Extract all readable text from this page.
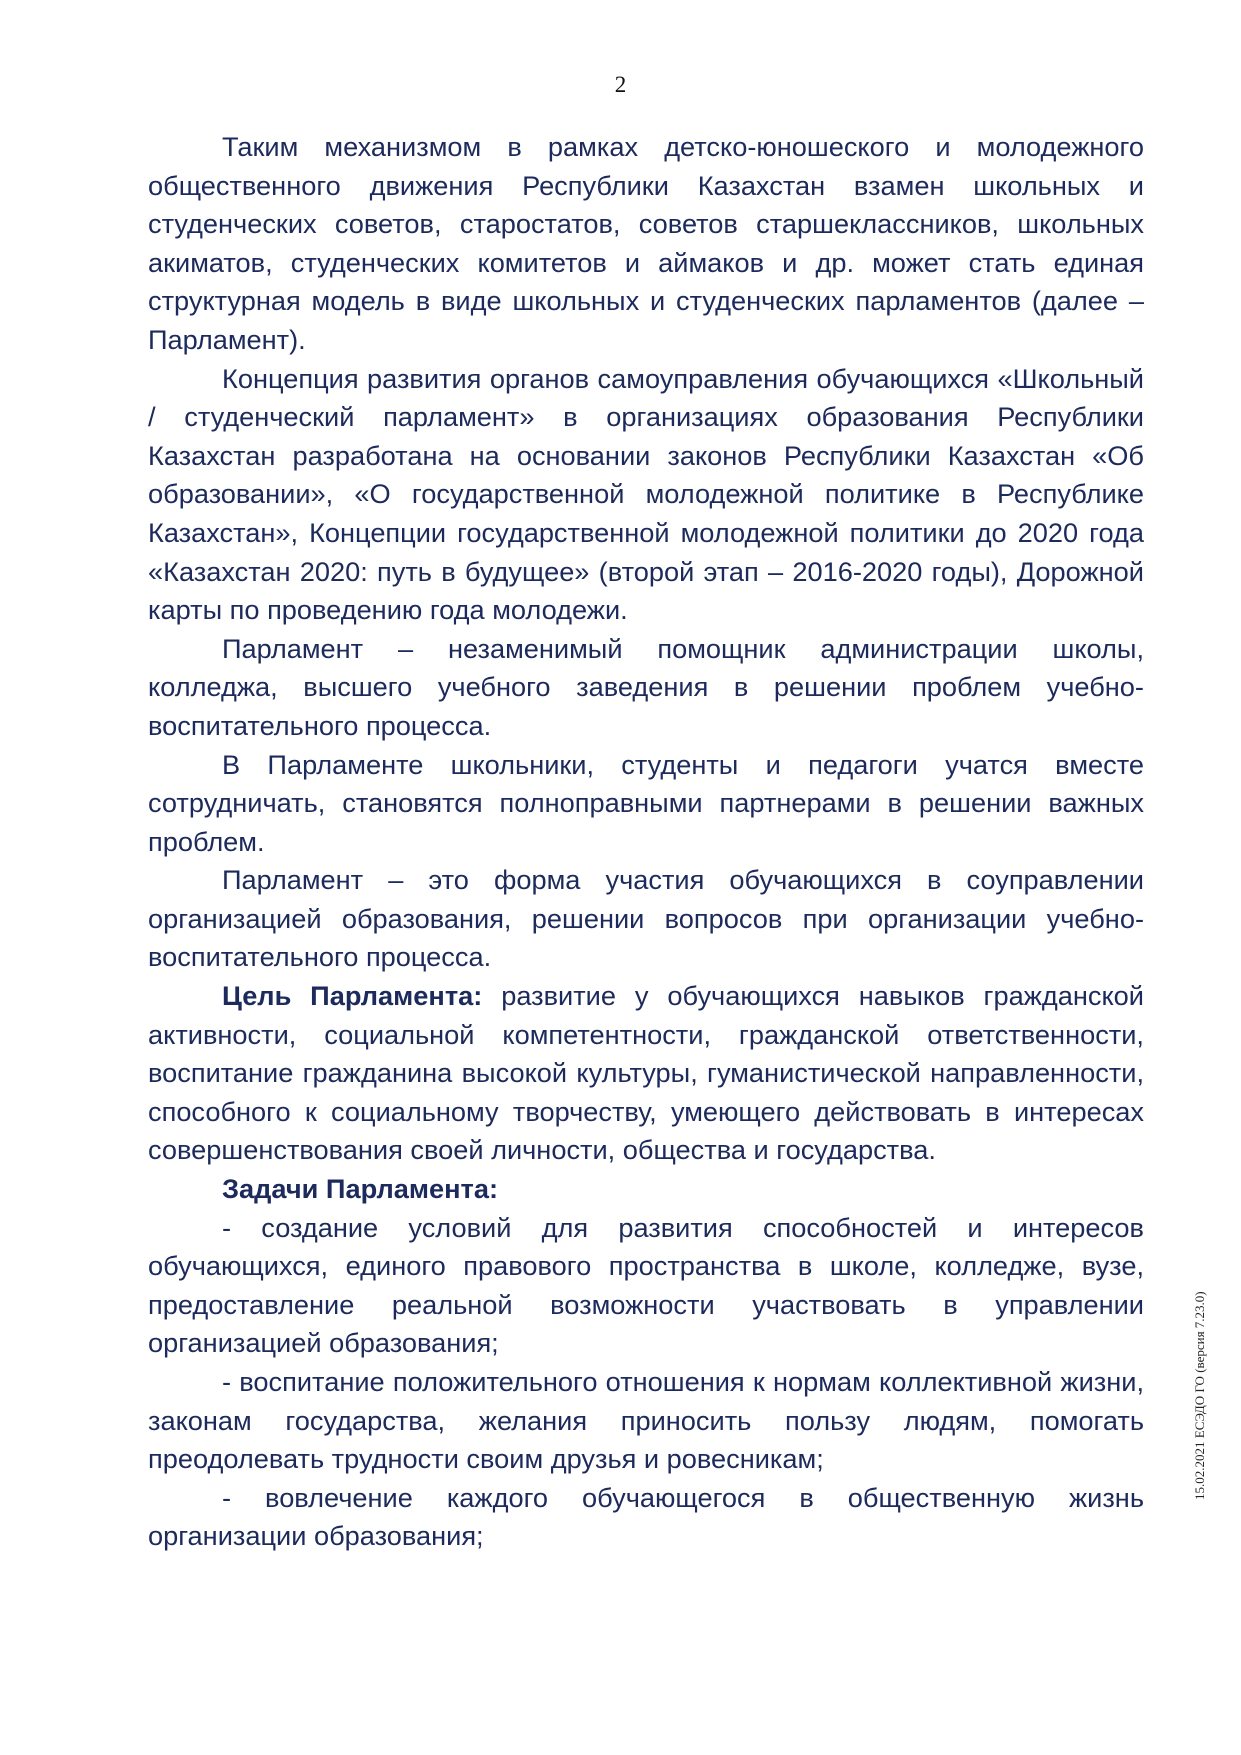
2

Таким механизмом в рамках детско-юношеского и молодежного общественного движения Республики Казахстан взамен школьных и студенческих советов, старостатов, советов старшеклассников, школьных акиматов, студенческих комитетов и аймаков и др. может стать единая структурная модель в виде школьных и студенческих парламентов (далее – Парламент).

Концепция развития органов самоуправления обучающихся «Школьный / студенческий парламент» в организациях образования Республики Казахстан разработана на основании законов Республики Казахстан «Об образовании», «О государственной молодежной политике в Республике Казахстан», Концепции государственной молодежной политики до 2020 года «Казахстан 2020: путь в будущее» (второй этап – 2016-2020 годы), Дорожной карты по проведению года молодежи.

Парламент – незаменимый помощник администрации школы, колледжа, высшего учебного заведения в решении проблем учебно-воспитательного процесса.

В Парламенте школьники, студенты и педагоги учатся вместе сотрудничать, становятся полноправными партнерами в решении важных проблем.

Парламент – это форма участия обучающихся в соуправлении организацией образования, решении вопросов при организации учебно-воспитательного процесса.

Цель Парламента: развитие у обучающихся навыков гражданской активности, социальной компетентности, гражданской ответственности, воспитание гражданина высокой культуры, гуманистической направленности, способного к социальному творчеству, умеющего действовать в интересах совершенствования своей личности, общества и государства.

Задачи Парламента:

- создание условий для развития способностей и интересов обучающихся, единого правового пространства в школе, колледже, вузе, предоставление реальной возможности участвовать в управлении организацией образования;

- воспитание положительного отношения к нормам коллективной жизни, законам государства, желания приносить пользу людям, помогать преодолевать трудности своим друзья и ровесникам;

- вовлечение каждого обучающегося в общественную жизнь организации образования;

15.02.2021 ЕСЭДО ГО (версия 7.23.0)
